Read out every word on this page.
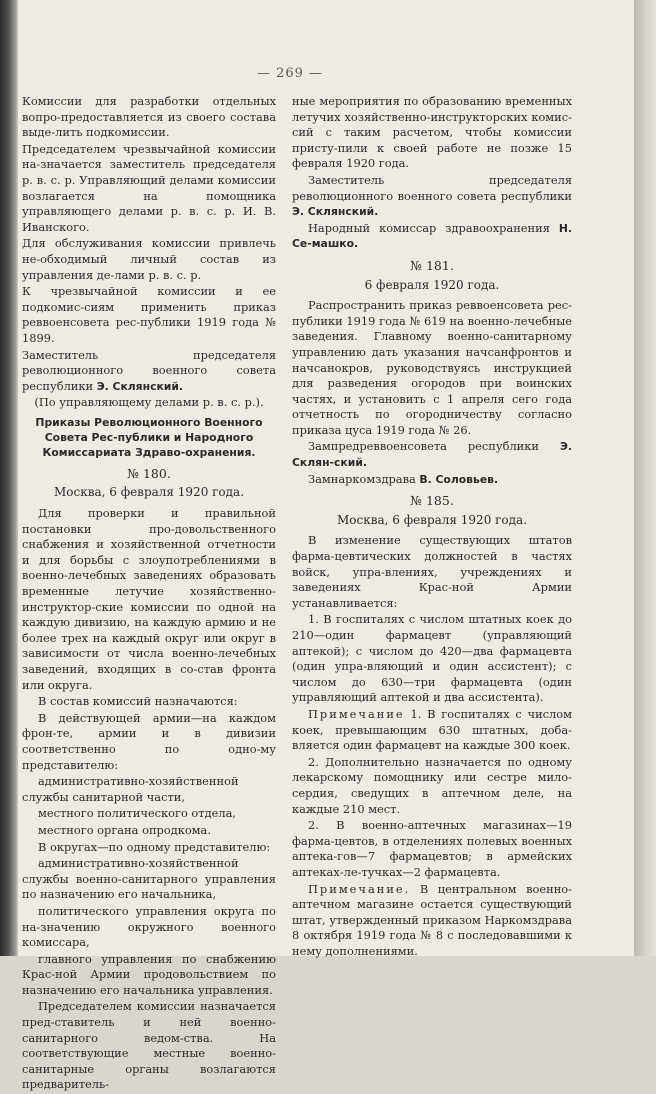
— 269 —

Комиссии для разработки отдельных вопро-предоставляется из своего состава выде-лить подкомиссии.

Председателем чрезвычайной комиссии на-значается заместитель председателя р. в. с. р. Управляющий делами комиссии возлагается на помощника управляющего делами р. в. с. р. И. В. Иванского.

Для обслуживания комиссии привлечь не-обходимый личный состав из управления де-лами р. в. с. р.

К чрезвычайной комиссии и ее подкомис-сиям применить приказ реввоенсовета рес-публики 1919 года № 1899.

Заместитель председателя революционного военного совета республики Э. Склянский.

(По управляющему делами р. в. с. р.).

Приказы Революционного Военного Совета Рес-публики и Народного Комиссариата Здраво-охранения.

№ 180.

Москва, 6 февраля 1920 года.

Для проверки и правильной постановки про-довольственного снабжения и хозяйственной отчетности и для борьбы с злоупотреблениями в военно-лечебных заведениях образовать временные летучие хозяйственно-инструктор-ские комиссии по одной на каждую дивизию, на каждую армию и не более трех на каждый округ или округ в зависимости от числа военно-лечебных заведений, входящих в со-став фронта или округа.

В состав комиссий назначаются:

В действующей армии—на каждом фрон-те, армии и в дивизии соответственно по одно-му представителю:

административно-хозяйственной службы санитарной части,

местного политического отдела,

местного органа опродкома.

В округах—по одному представителю:

административно-хозяйственной службы военно-санитарного управления по назначению его начальника,

политического управления округа по на-значению окружного военного комиссара,

главного управления по снабжению Крас-ной Армии продовольствием по назначению его начальника управления.

Председателем комиссии назначается пред-ставитель и ней военно-санитарного ведом-ства. На соответствующие местные военно-санитарные органы возлагаются предваритель-

ные мероприятия по образованию временных летучих хозяйственно-инструкторских комис-сий с таким расчетом, чтобы комиссии присту-пили к своей работе не позже 15 февраля 1920 года.

Заместитель председателя революционного военного совета республики Э. Склянский.

Народный комиссар здравоохранения Н. Се-машко.

№ 181.

6 февраля 1920 года.

Распространить приказ реввоенсовета рес-публики 1919 года № 619 на военно-лечебные заведения. Главному военно-санитарному управлению дать указания начсанфронтов и начсанокров, руководствуясь инструкцией для разведения огородов при воинских частях, и установить с 1 апреля сего года отчетность по огородничеству согласно приказа цуса 1919 года № 26.

Зампредреввоенсовета республики Э. Склян-ский.

Замнаркомздрава В. Соловьев.

№ 185.

Москва, 6 февраля 1920 года.

В изменение существующих штатов фарма-цевтических должностей в частях войск, упра-влениях, учреждениях и заведениях Крас-ной Армии устанавливается:

1. В госпиталях с числом штатных коек до 210—один фармацевт (управляющий аптекой); с числом до 420—два фармацевта (один упра-вляющий и один ассистент); с числом до 630—три фармацевта (один управляющий аптекой и два ассистента).

Примечание 1. В госпиталях с числом коек, превышающим 630 штатных, доба-вляется один фармацевт на каждые 300 коек.

2. Дополнительно назначается по одному лекарскому помощнику или сестре мило-сердия, сведущих в аптечном деле, на каждые 210 мест.

2. В военно-аптечных магазинах—19 фарма-цевтов, в отделениях полевых военных аптека-гов—7 фармацевтов; в армейских аптеках-ле-тучках—2 фармацевта.

Примечание. В центральном военно-аптечном магазине остается существующий штат, утвержденный приказом Наркомздрава 8 октября 1919 года № 8 с последовавшими к нему дополнениями.
